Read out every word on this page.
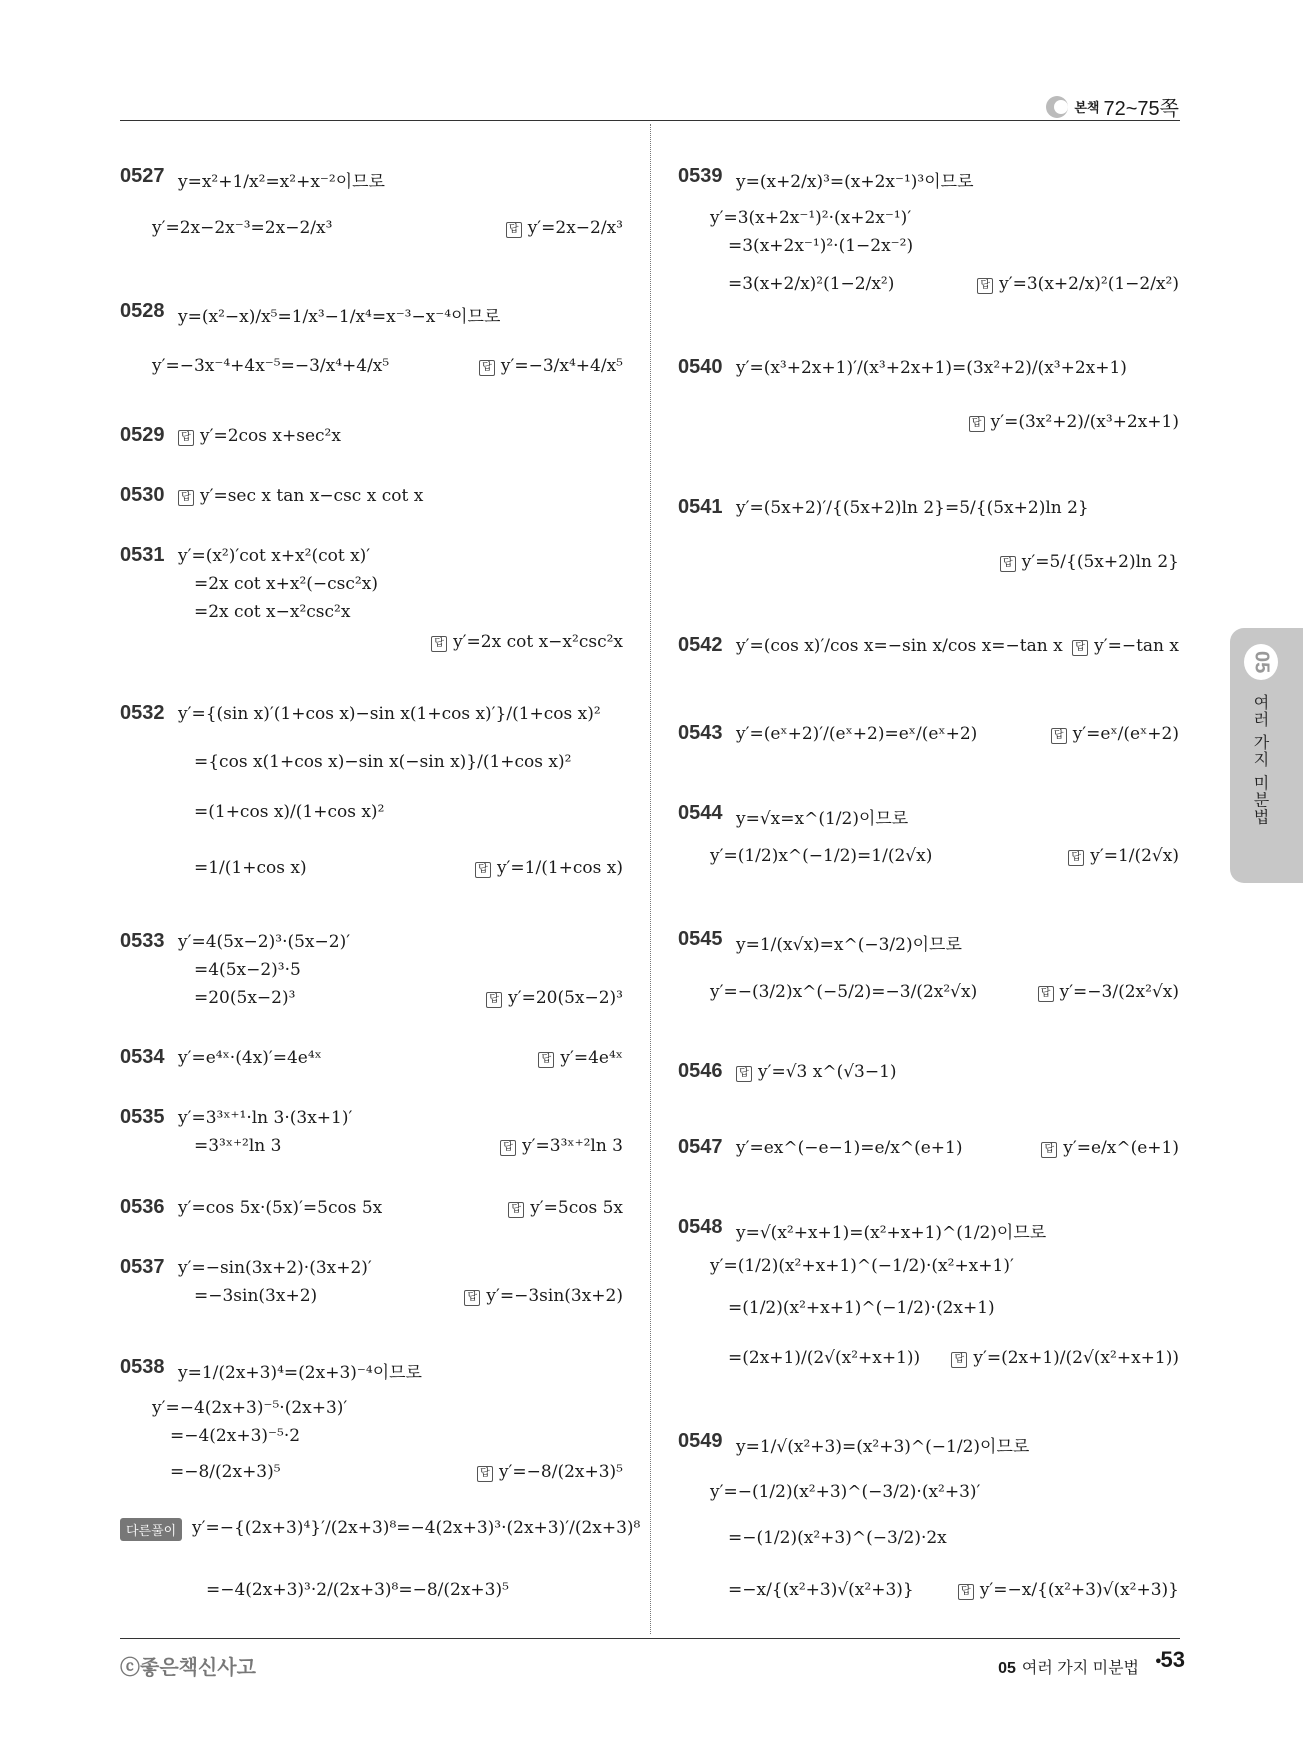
본책 72~75쪽
05
여러 가지 미분법
0527 y=x²+1/x²=x²+x⁻²이므로
y′=2x−2x⁻³=2x−2/x³	답 y′=2x−2/x³
0528 y=(x²−x)/x⁵=1/x³−1/x⁴=x⁻³−x⁻⁴이므로
y′=−3x⁻⁴+4x⁻⁵=−3/x⁴+4/x⁵	답 y′=−3/x⁴+4/x⁵
0529	답 y′=2cos x+sec²x
0530	답 y′=sec x tan x−csc x cot x
0531 y′=(x²)′cot x+x²(cot x)′
=2x cot x+x²(−csc²x)
=2x cot x−x²csc²x
답 y′=2x cot x−x²csc²x
0532 y′={(sin x)′(1+cos x)−sin x(1+cos x)′}/(1+cos x)²
={cos x(1+cos x)−sin x(−sin x)}/(1+cos x)²
=(1+cos x)/(1+cos x)²
=1/(1+cos x)	답 y′=1/(1+cos x)
0533 y′=4(5x−2)³·(5x−2)′
=4(5x−2)³·5
=20(5x−2)³	답 y′=20(5x−2)³
0534 y′=e⁴ˣ·(4x)′=4e⁴ˣ	답 y′=4e⁴ˣ
0535 y′=3³ˣ⁺¹·ln 3·(3x+1)′
=3³ˣ⁺²ln 3	답 y′=3³ˣ⁺²ln 3
0536 y′=cos 5x·(5x)′=5cos 5x	답 y′=5cos 5x
0537 y′=−sin(3x+2)·(3x+2)′
=−3sin(3x+2)	답 y′=−3sin(3x+2)
0538 y=1/(2x+3)⁴=(2x+3)⁻⁴이므로
y′=−4(2x+3)⁻⁵·(2x+3)′
=−4(2x+3)⁻⁵·2
=−8/(2x+3)⁵	답 y′=−8/(2x+3)⁵
다른풀이 y′=−{(2x+3)⁴}′/(2x+3)⁸=−4(2x+3)³·(2x+3)′/(2x+3)⁸
=−4(2x+3)³·2/(2x+3)⁸=−8/(2x+3)⁵
0539 y=(x+2/x)³=(x+2x⁻¹)³이므로
y′=3(x+2x⁻¹)²·(x+2x⁻¹)′
=3(x+2x⁻¹)²·(1−2x⁻²)
=3(x+2/x)²(1−2/x²)	답 y′=3(x+2/x)²(1−2/x²)
0540 y′=(x³+2x+1)′/(x³+2x+1)=(3x²+2)/(x³+2x+1)
답 y′=(3x²+2)/(x³+2x+1)
0541 y′=(5x+2)′/{(5x+2)ln 2}=5/{(5x+2)ln 2}
답 y′=5/{(5x+2)ln 2}
0542 y′=(cos x)′/cos x=−sin x/cos x=−tan x	답 y′=−tan x
0543 y′=(eˣ+2)′/(eˣ+2)=eˣ/(eˣ+2)	답 y′=eˣ/(eˣ+2)
0544 y=√x=x^(1/2)이므로
y′=(1/2)x^(−1/2)=1/(2√x)	답 y′=1/(2√x)
0545 y=1/(x√x)=x^(−3/2)이므로
y′=−(3/2)x^(−5/2)=−3/(2x²√x)	답 y′=−3/(2x²√x)
0546	답 y′=√3 x^(√3−1)
0547 y′=ex^(−e−1)=e/x^(e+1)	답 y′=e/x^(e+1)
0548 y=√(x²+x+1)=(x²+x+1)^(1/2)이므로
y′=(1/2)(x²+x+1)^(−1/2)·(x²+x+1)′
=(1/2)(x²+x+1)^(−1/2)·(2x+1)
=(2x+1)/(2√(x²+x+1))	답 y′=(2x+1)/(2√(x²+x+1))
0549 y=1/√(x²+3)=(x²+3)^(−1/2)이므로
y′=−(1/2)(x²+3)^(−3/2)·(x²+3)′
=−(1/2)(x²+3)^(−3/2)·2x
=−x/{(x²+3)√(x²+3)}	답 y′=−x/{(x²+3)√(x²+3)}
ⓒ좋은책신사고	05 여러 가지 미분법 •
53
